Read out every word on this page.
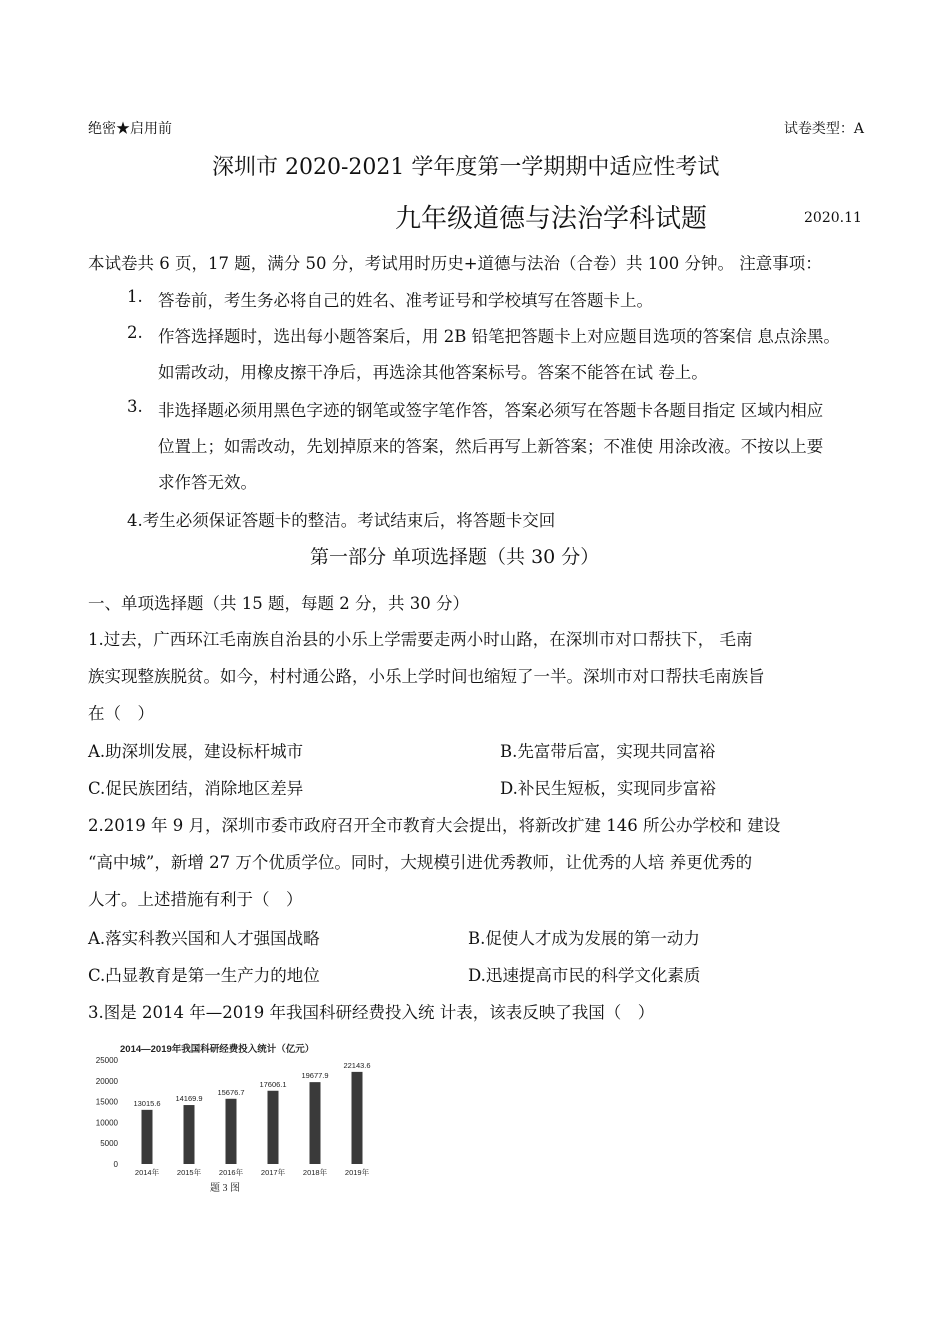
绝密★启用前	试卷类型：A
深圳市 2020-2021 学年度第一学期期中适应性考试
九年级道德与法治学科试题	2020.11
本试卷共 6 页，17 题，满分 50 分，考试用时历史+道德与法治（合卷）共 100 分钟。 注意事项：
1. 答卷前，考生务必将自己的姓名、准考证号和学校填写在答题卡上。
2. 作答选择题时，选出每小题答案后，用 2B 铅笔把答题卡上对应题目选项的答案信 息点涂黑。
如需改动，用橡皮擦干净后，再选涂其他答案标号。答案不能答在试 卷上。
3. 非选择题必须用黑色字迹的钢笔或签字笔作答，答案必须写在答题卡各题目指定 区域内相应
位置上；如需改动，先划掉原来的答案，然后再写上新答案；不准使 用涂改液。不按以上要
求作答无效。
4.考生必须保证答题卡的整洁。考试结束后，将答题卡交回
第一部分 单项选择题（共 30 分）
一、单项选择题（共 15 题，每题 2 分，共 30 分）
1.过去，广西环江毛南族自治县的小乐上学需要走两小时山路，在深圳市对口帮扶下， 毛南
族实现整族脱贫。如今，村村通公路，小乐上学时间也缩短了一半。深圳市对口帮扶毛南族旨
在（　）
A.助深圳发展，建设标杆城市	B.先富带后富，实现共同富裕
C.促民族团结，消除地区差异	D.补民生短板，实现同步富裕
2.2019 年 9 月，深圳市委市政府召开全市教育大会提出，将新改扩建 146 所公办学校和 建设
“高中城”，新增 27 万个优质学位。同时，大规模引进优秀教师，让优秀的人培 养更优秀的
人才。上述措施有利于（　）
A.落实科教兴国和人才强国战略	B.促使人才成为发展的第一动力
C.凸显教育是第一生产力的地位	D.迅速提高市民的科学文化素质
3.图是 2014 年—2019 年我国科研经费投入统 计表，该表反映了我国（　）
2014—2019年我国科研经费投入统计（亿元）
25000
20000
15000
10000
5000
0
13015.6
14169.9
15676.7
17606.1
19677.9
22143.6
2014年 2015年 2016年 2017年 2018年 2019年
题 3 图
